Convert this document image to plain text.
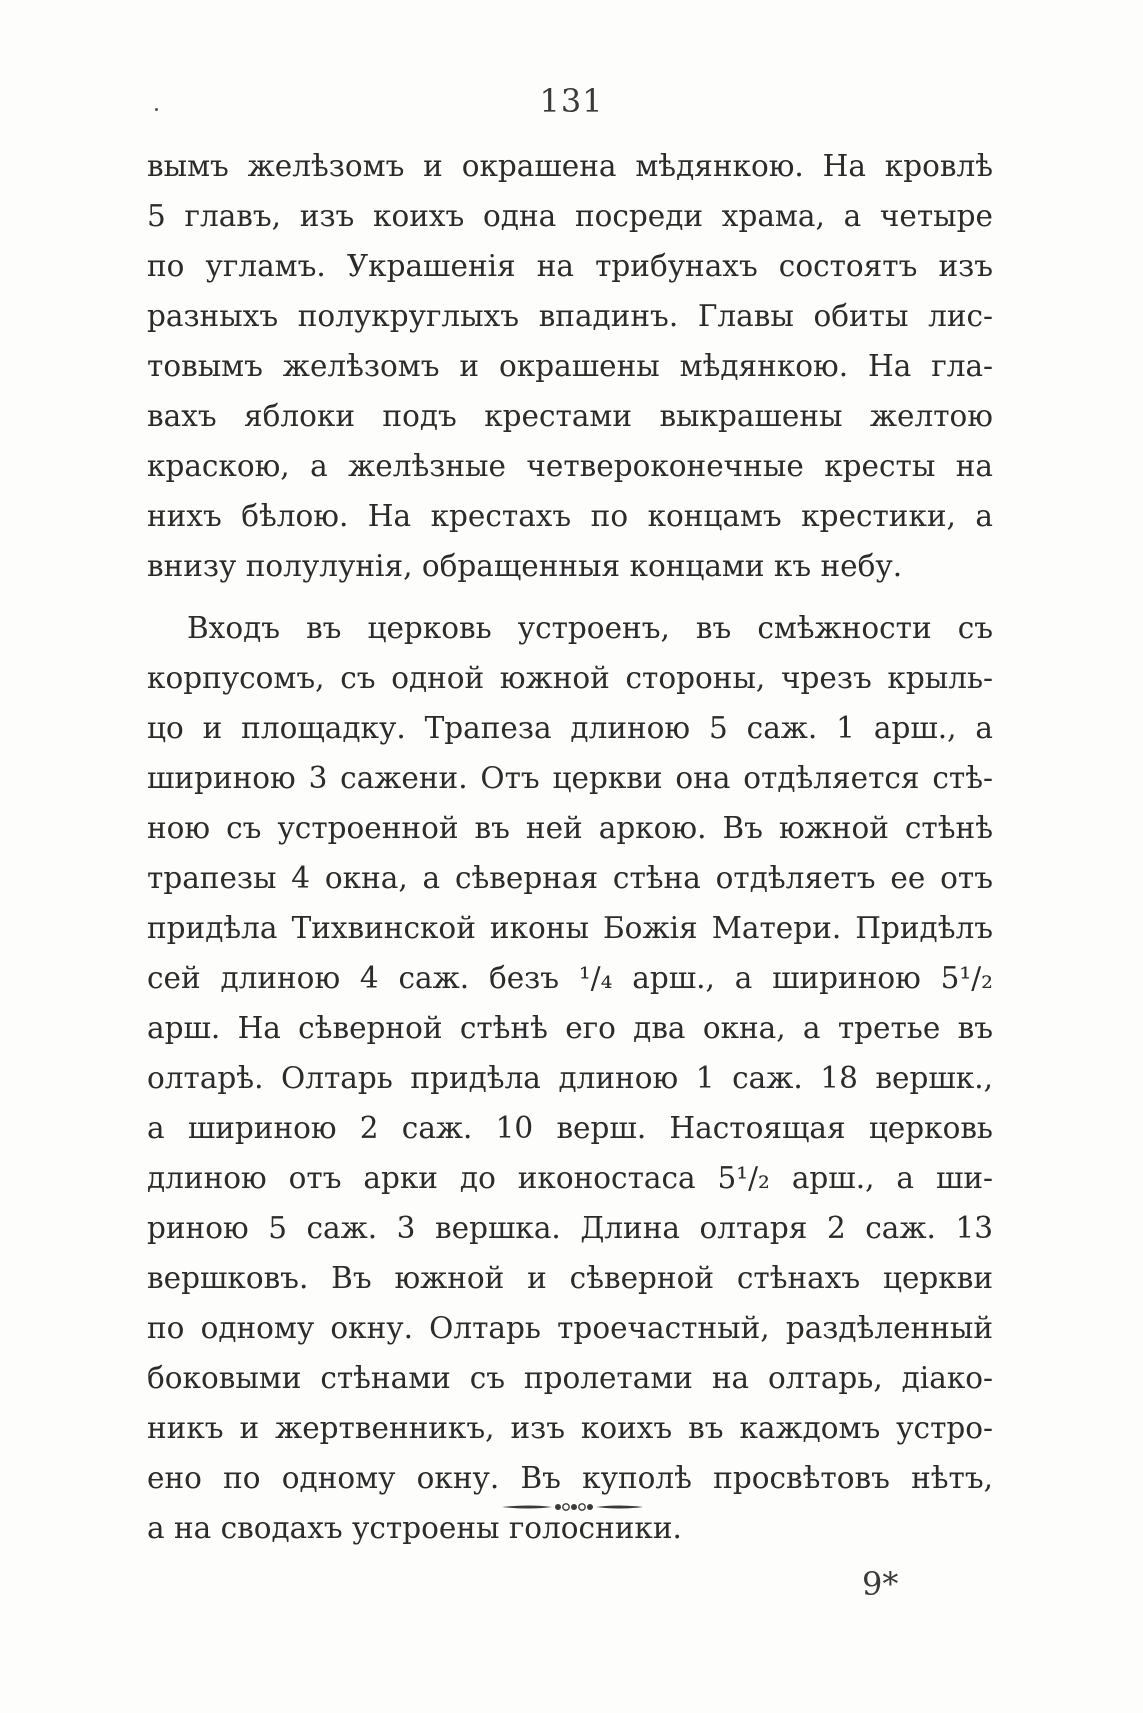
131
вымъ желѣзомъ и окрашена мѣдянкою. На кровлѣ
5 главъ, изъ коихъ одна посреди храма, а четыре
по угламъ. Украшенія на трибунахъ состоятъ изъ
разныхъ полукруглыхъ впадинъ. Главы обиты лис-
товымъ желѣзомъ и окрашены мѣдянкою. На гла-
вахъ яблоки подъ крестами выкрашены желтою
краскою, а желѣзные четвероконечные кресты на
нихъ бѣлою. На крестахъ по концамъ крестики, а
внизу полулунія, обращенныя концами къ небу.
Входъ въ церковь устроенъ, въ смѣжности съ
корпусомъ, съ одной южной стороны, чрезъ крыль-
цо и площадку. Трапеза длиною 5 саж. 1 арш., а
шириною 3 сажени. Отъ церкви она отдѣляется стѣ-
ною съ устроенной въ ней аркою. Въ южной стѣнѣ
трапезы 4 окна, а сѣверная стѣна отдѣляетъ ее отъ
придѣла Тихвинской иконы Божія Матери. Придѣлъ
сей длиною 4 саж. безъ ¹/₄ арш., а шириною 5¹/₂
арш. На сѣверной стѣнѣ его два окна, а третье въ
олтарѣ. Олтарь придѣла длиною 1 саж. 18 вершк.,
а шириною 2 саж. 10 верш. Настоящая церковь
длиною отъ арки до иконостаса 5¹/₂ арш., а ши-
риною 5 саж. 3 вершка. Длина олтаря 2 саж. 13
вершковъ. Въ южной и сѣверной стѣнахъ церкви
по одному окну. Олтарь троечастный, раздѣленный
боковыми стѣнами съ пролетами на олтарь, діако-
никъ и жертвенникъ, изъ коихъ въ каждомъ устро-
ено по одному окну. Въ куполѣ просвѣтовъ нѣтъ,
а на сводахъ устроены голосники.
9*
